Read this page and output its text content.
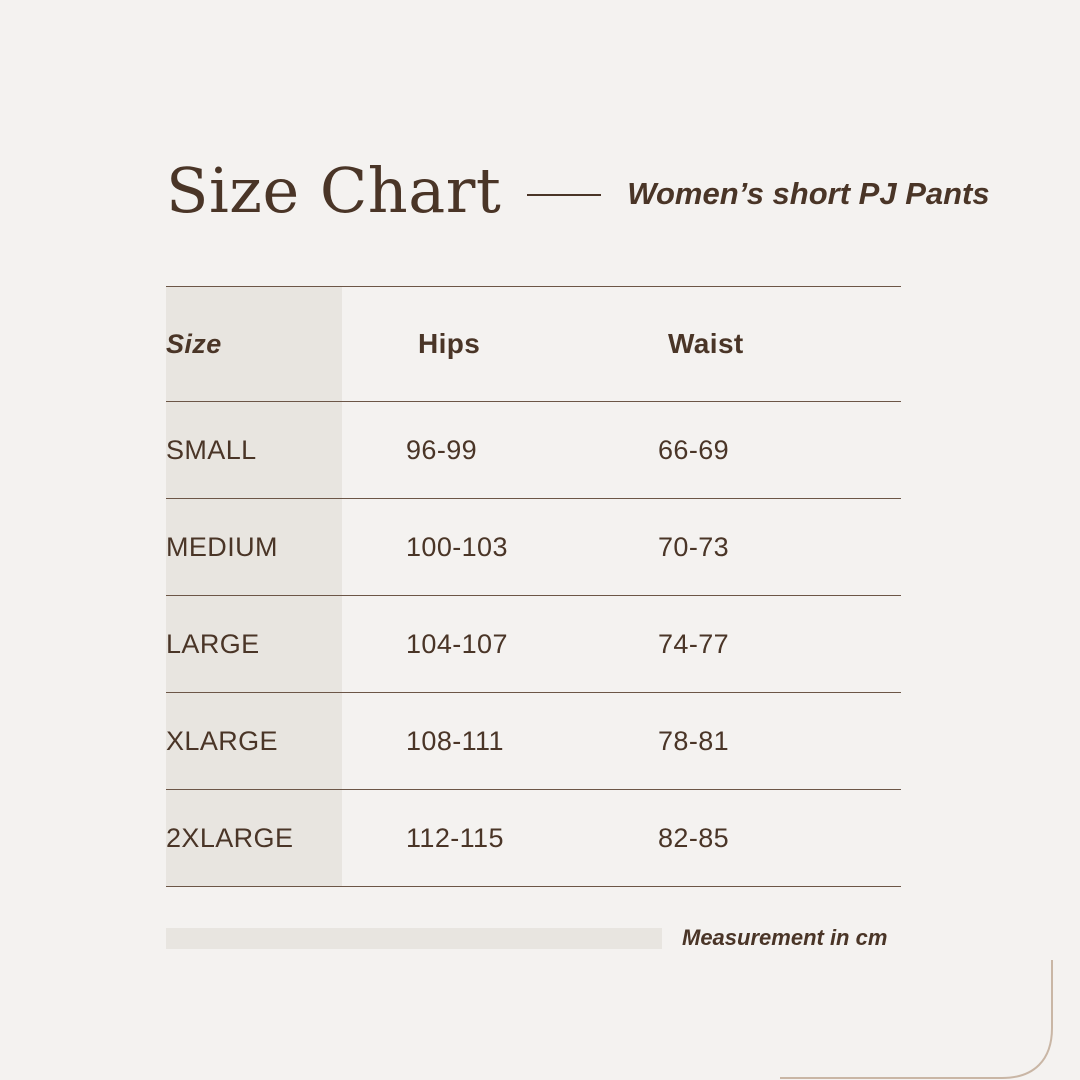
Size Chart	Women’s short PJ Pants
Size	Hips	Waist
SMALL	96-99	66-69
MEDIUM	100-103	70-73
LARGE	104-107	74-77
XLARGE	108-111	78-81
2XLARGE	112-115	82-85
Measurement in cm
